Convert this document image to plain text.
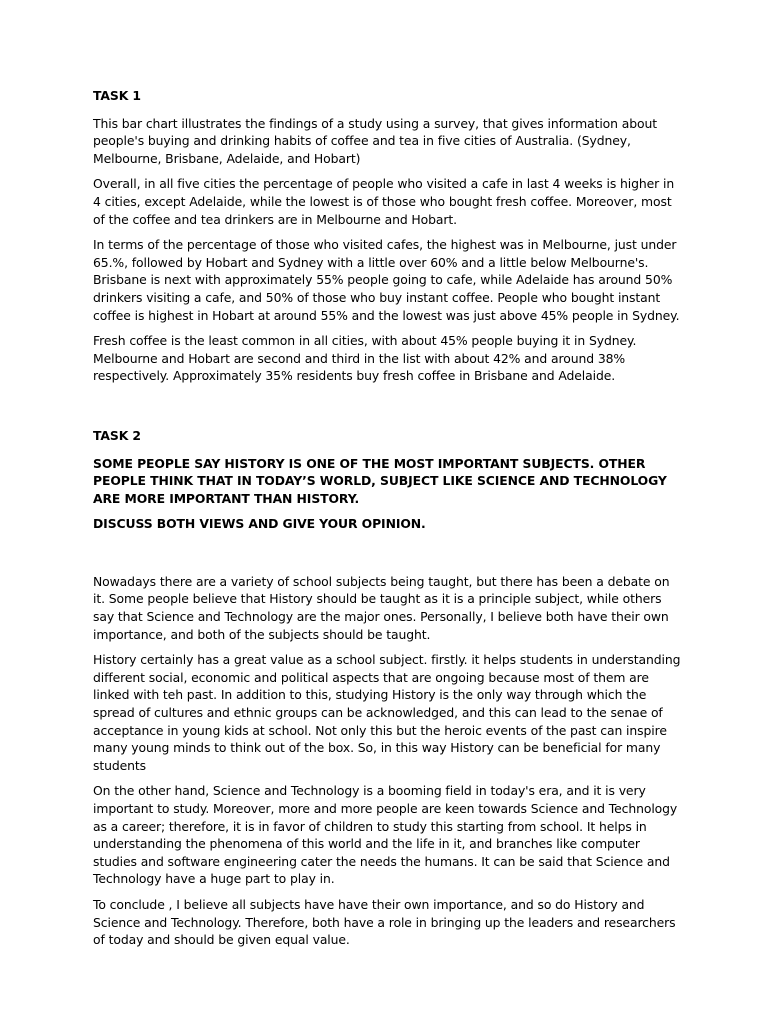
TASK 1

This bar chart illustrates the findings of a study using a survey, that gives information about people's buying and drinking habits of coffee and tea in five cities of Australia. (Sydney, Melbourne, Brisbane, Adelaide, and Hobart)

Overall, in all five cities the percentage of people who visited a cafe in last 4 weeks is higher in 4 cities, except Adelaide, while the lowest is of those who bought fresh coffee. Moreover, most of the coffee and tea drinkers are in Melbourne and Hobart.

In terms of the percentage of those who visited cafes, the highest was in Melbourne, just under 65.%, followed by Hobart and Sydney with a little over 60% and a little below Melbourne's. Brisbane is next with approximately 55% people going to cafe, while Adelaide has around 50% drinkers visiting a cafe, and 50% of those who buy instant coffee. People who bought instant coffee is highest in Hobart at around 55% and the lowest was just above 45% people in Sydney.

Fresh coffee is the least common in all cities, with about 45% people buying it in Sydney. Melbourne and Hobart are second and third in the list with about 42% and around 38% respectively. Approximately 35% residents buy fresh coffee in Brisbane and Adelaide.

TASK 2

SOME PEOPLE SAY HISTORY IS ONE OF THE MOST IMPORTANT SUBJECTS. OTHER PEOPLE THINK THAT IN TODAY’S WORLD, SUBJECT LIKE SCIENCE AND TECHNOLOGY ARE MORE IMPORTANT THAN HISTORY.

DISCUSS BOTH VIEWS AND GIVE YOUR OPINION.

Nowadays there are a variety of school subjects being taught, but there has been a debate on it. Some people believe that History should be taught as it is a principle subject, while others say that Science and Technology are the major ones. Personally, I believe both have their own importance, and both of the subjects should be taught.

History certainly has a great value as a school subject. firstly. it helps students in understanding different social, economic and political aspects that are ongoing because most of them are linked with teh past. In addition to this, studying History is the only way through which the spread of cultures and ethnic groups can be acknowledged, and this can lead to the senae of acceptance in young kids at school. Not only this but the heroic events of the past can inspire many young minds to think out of the box. So, in this way History can be beneficial for many students

On the other hand, Science and Technology is a booming field in today's era, and it is very important to study. Moreover, more and more people are keen towards Science and Technology as a career; therefore, it is in favor of children to study this starting from school. It helps in understanding the phenomena of this world and the life in it, and branches like computer studies and software engineering cater the needs the humans. It can be said that Science and Technology have a huge part to play in.

To conclude , I believe all subjects have have their own importance, and so do History and Science and Technology. Therefore, both have a role in bringing up the leaders and researchers of today and should be given equal value.
